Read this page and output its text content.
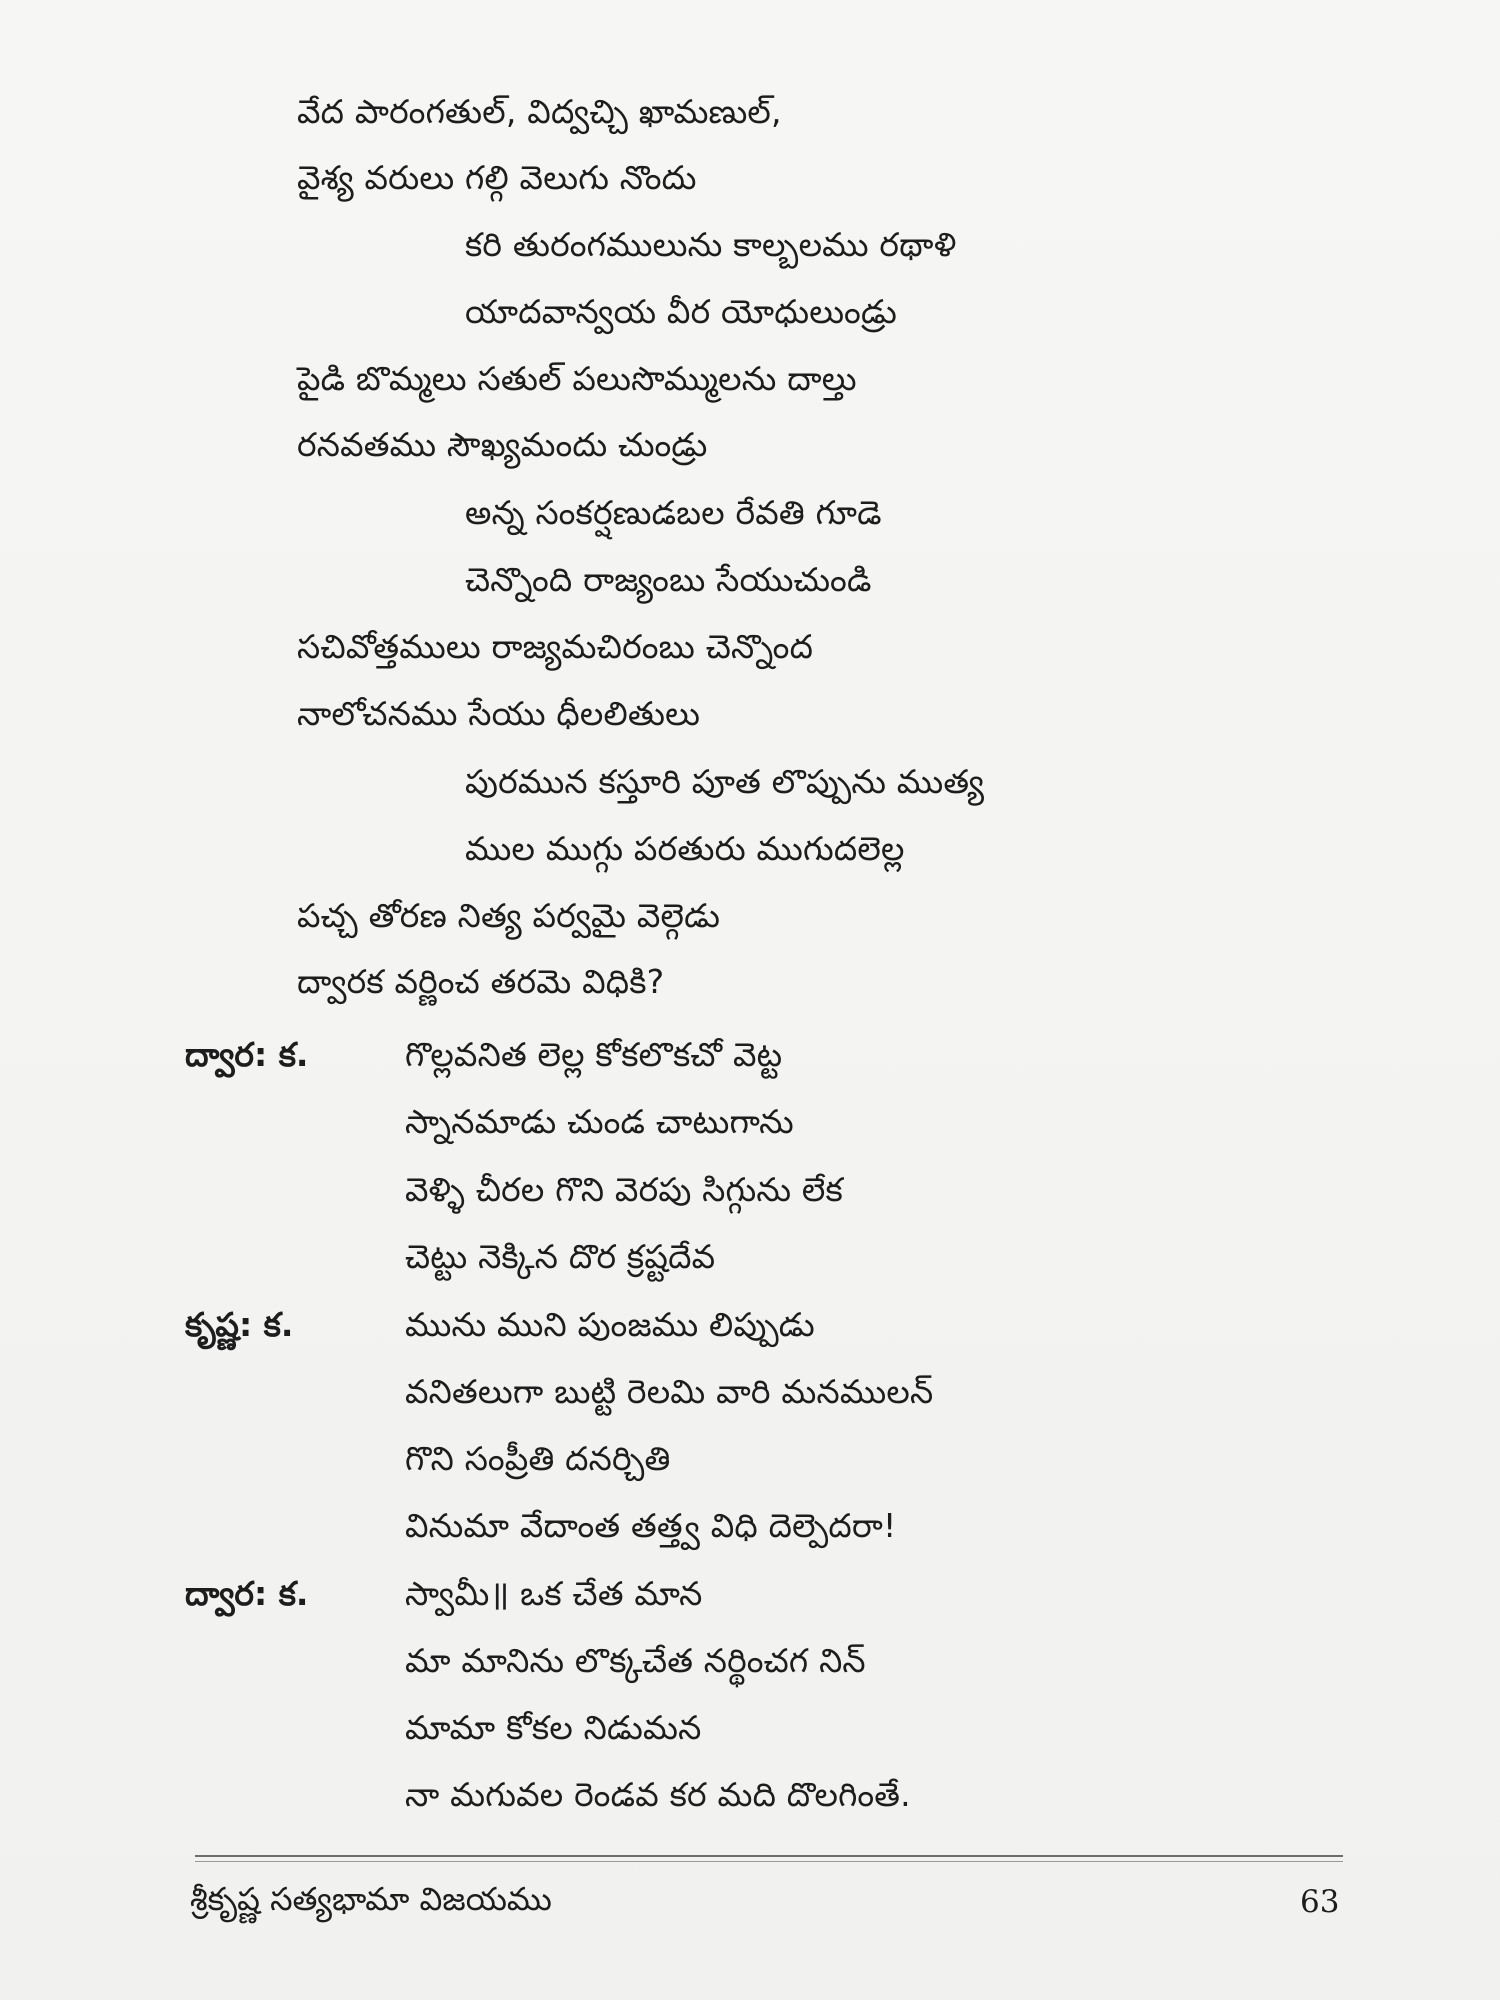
వేద పారంగతుల్, విద్వచ్చి ఖామణుల్,
వైశ్య వరులు గల్గి వెలుగు నొందు
కరి తురంగములును కాల్బలము రథాళి
యాదవాన్వయ వీర యోధులుండ్రు
పైడి బొమ్మలు సతుల్ పలుసొమ్ములను దాల్తు
రనవతము సౌఖ్యమందు చుండ్రు
అన్న సంకర్షణుడబల రేవతి గూడె
చెన్నొంది రాజ్యంబు సేయుచుండి
సచివోత్తములు రాజ్యమచిరంబు చెన్నొంద
నాలోచనము సేయు ధీలలితులు
పురమున కస్తూరి పూత లొప్పును ముత్య
ముల ముగ్గు పరతురు ముగుదలెల్ల
పచ్చ తోరణ నిత్య పర్వమై వెల్గెడు
ద్వారక వర్ణించ తరమె విధికి?
ద్వార: క.	గొల్లవనిత లెల్ల కోకలొకచో వెట్ట
స్నానమాడు చుండ చాటుగాను
వెళ్ళి చీరల గొని వెరపు సిగ్గును లేక
చెట్టు నెక్కిన దొర క్రష్టదేవ
కృష్ణ: క.	మును ముని పుంజము లిప్పుడు
వనితలుగా బుట్టి రెలమి వారి మనములన్
గొని సంప్రీతి దనర్చితి
వినుమా వేదాంత తత్త్వ విధి దెల్పెదరా!
ద్వార: క.	స్వామీ॥ ఒక చేత మాన
మా మానిను లొక్కచేత నర్థించగ నిన్
మామా కోకల నిడుమన
నా మగువల రెండవ కర మది దొలగింతే.
శ్రీకృష్ణ సత్యభామా విజయము	63
